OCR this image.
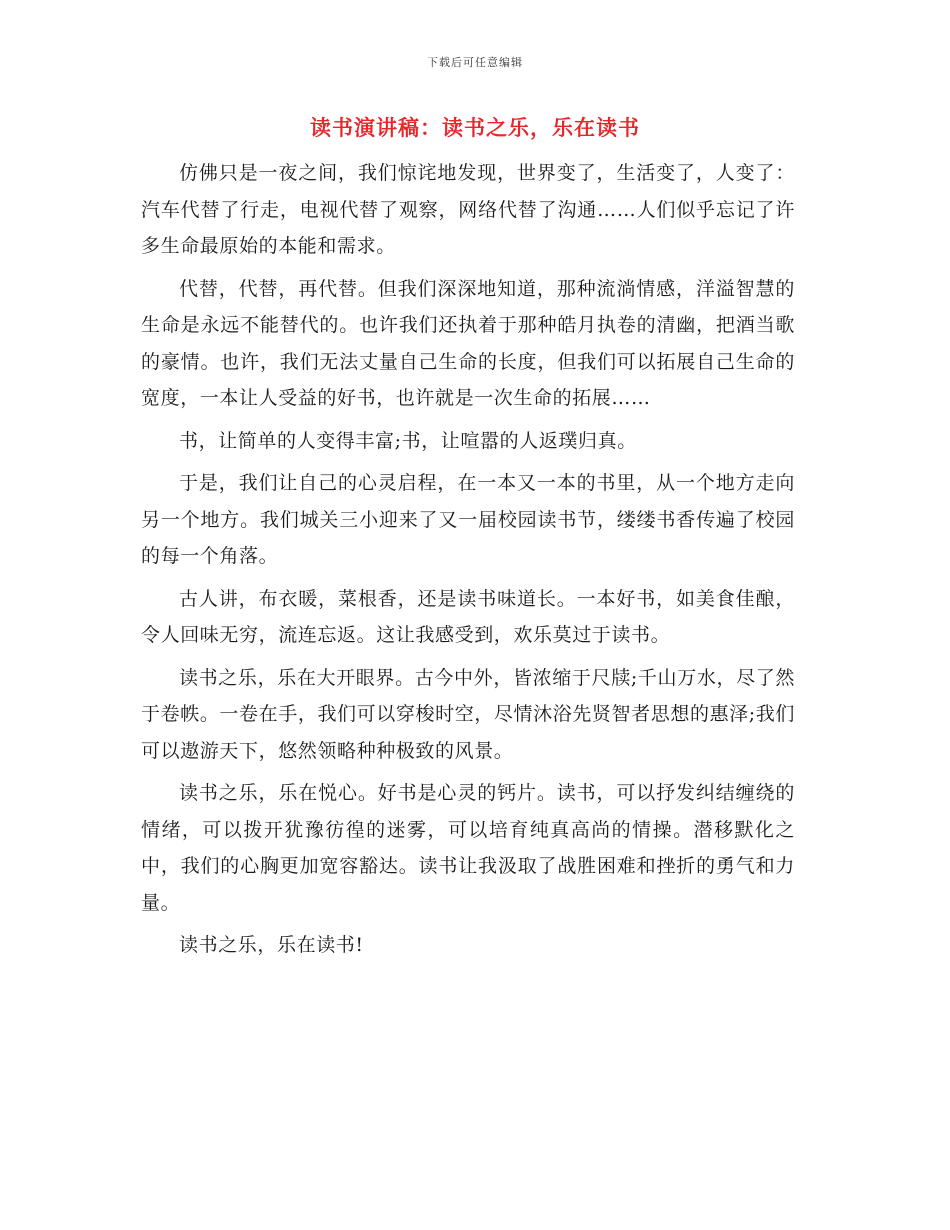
下载后可任意编辑
读书演讲稿：读书之乐，乐在读书

仿佛只是一夜之间，我们惊诧地发现，世界变了，生活变了，人变了：汽车代替了行走，电视代替了观察，网络代替了沟通……人们似乎忘记了许多生命最原始的本能和需求。

代替，代替，再代替。但我们深深地知道，那种流淌情感，洋溢智慧的生命是永远不能替代的。也许我们还执着于那种皓月执卷的清幽，把酒当歌的豪情。也许，我们无法丈量自己生命的长度，但我们可以拓展自己生命的宽度，一本让人受益的好书，也许就是一次生命的拓展……

书，让简单的人变得丰富;书，让喧嚣的人返璞归真。

于是，我们让自己的心灵启程，在一本又一本的书里，从一个地方走向另一个地方。我们城关三小迎来了又一届校园读书节，缕缕书香传遍了校园的每一个角落。

古人讲，布衣暖，菜根香，还是读书味道长。一本好书，如美食佳酿，令人回味无穷，流连忘返。这让我感受到，欢乐莫过于读书。

读书之乐，乐在大开眼界。古今中外，皆浓缩于尺牍;千山万水，尽了然于卷帙。一卷在手，我们可以穿梭时空，尽情沐浴先贤智者思想的惠泽;我们可以遨游天下，悠然领略种种极致的风景。

读书之乐，乐在悦心。好书是心灵的钙片。读书，可以抒发纠结缠绕的情绪，可以拨开犹豫彷徨的迷雾，可以培育纯真高尚的情操。潜移默化之中，我们的心胸更加宽容豁达。读书让我汲取了战胜困难和挫折的勇气和力量。

读书之乐，乐在读书!
